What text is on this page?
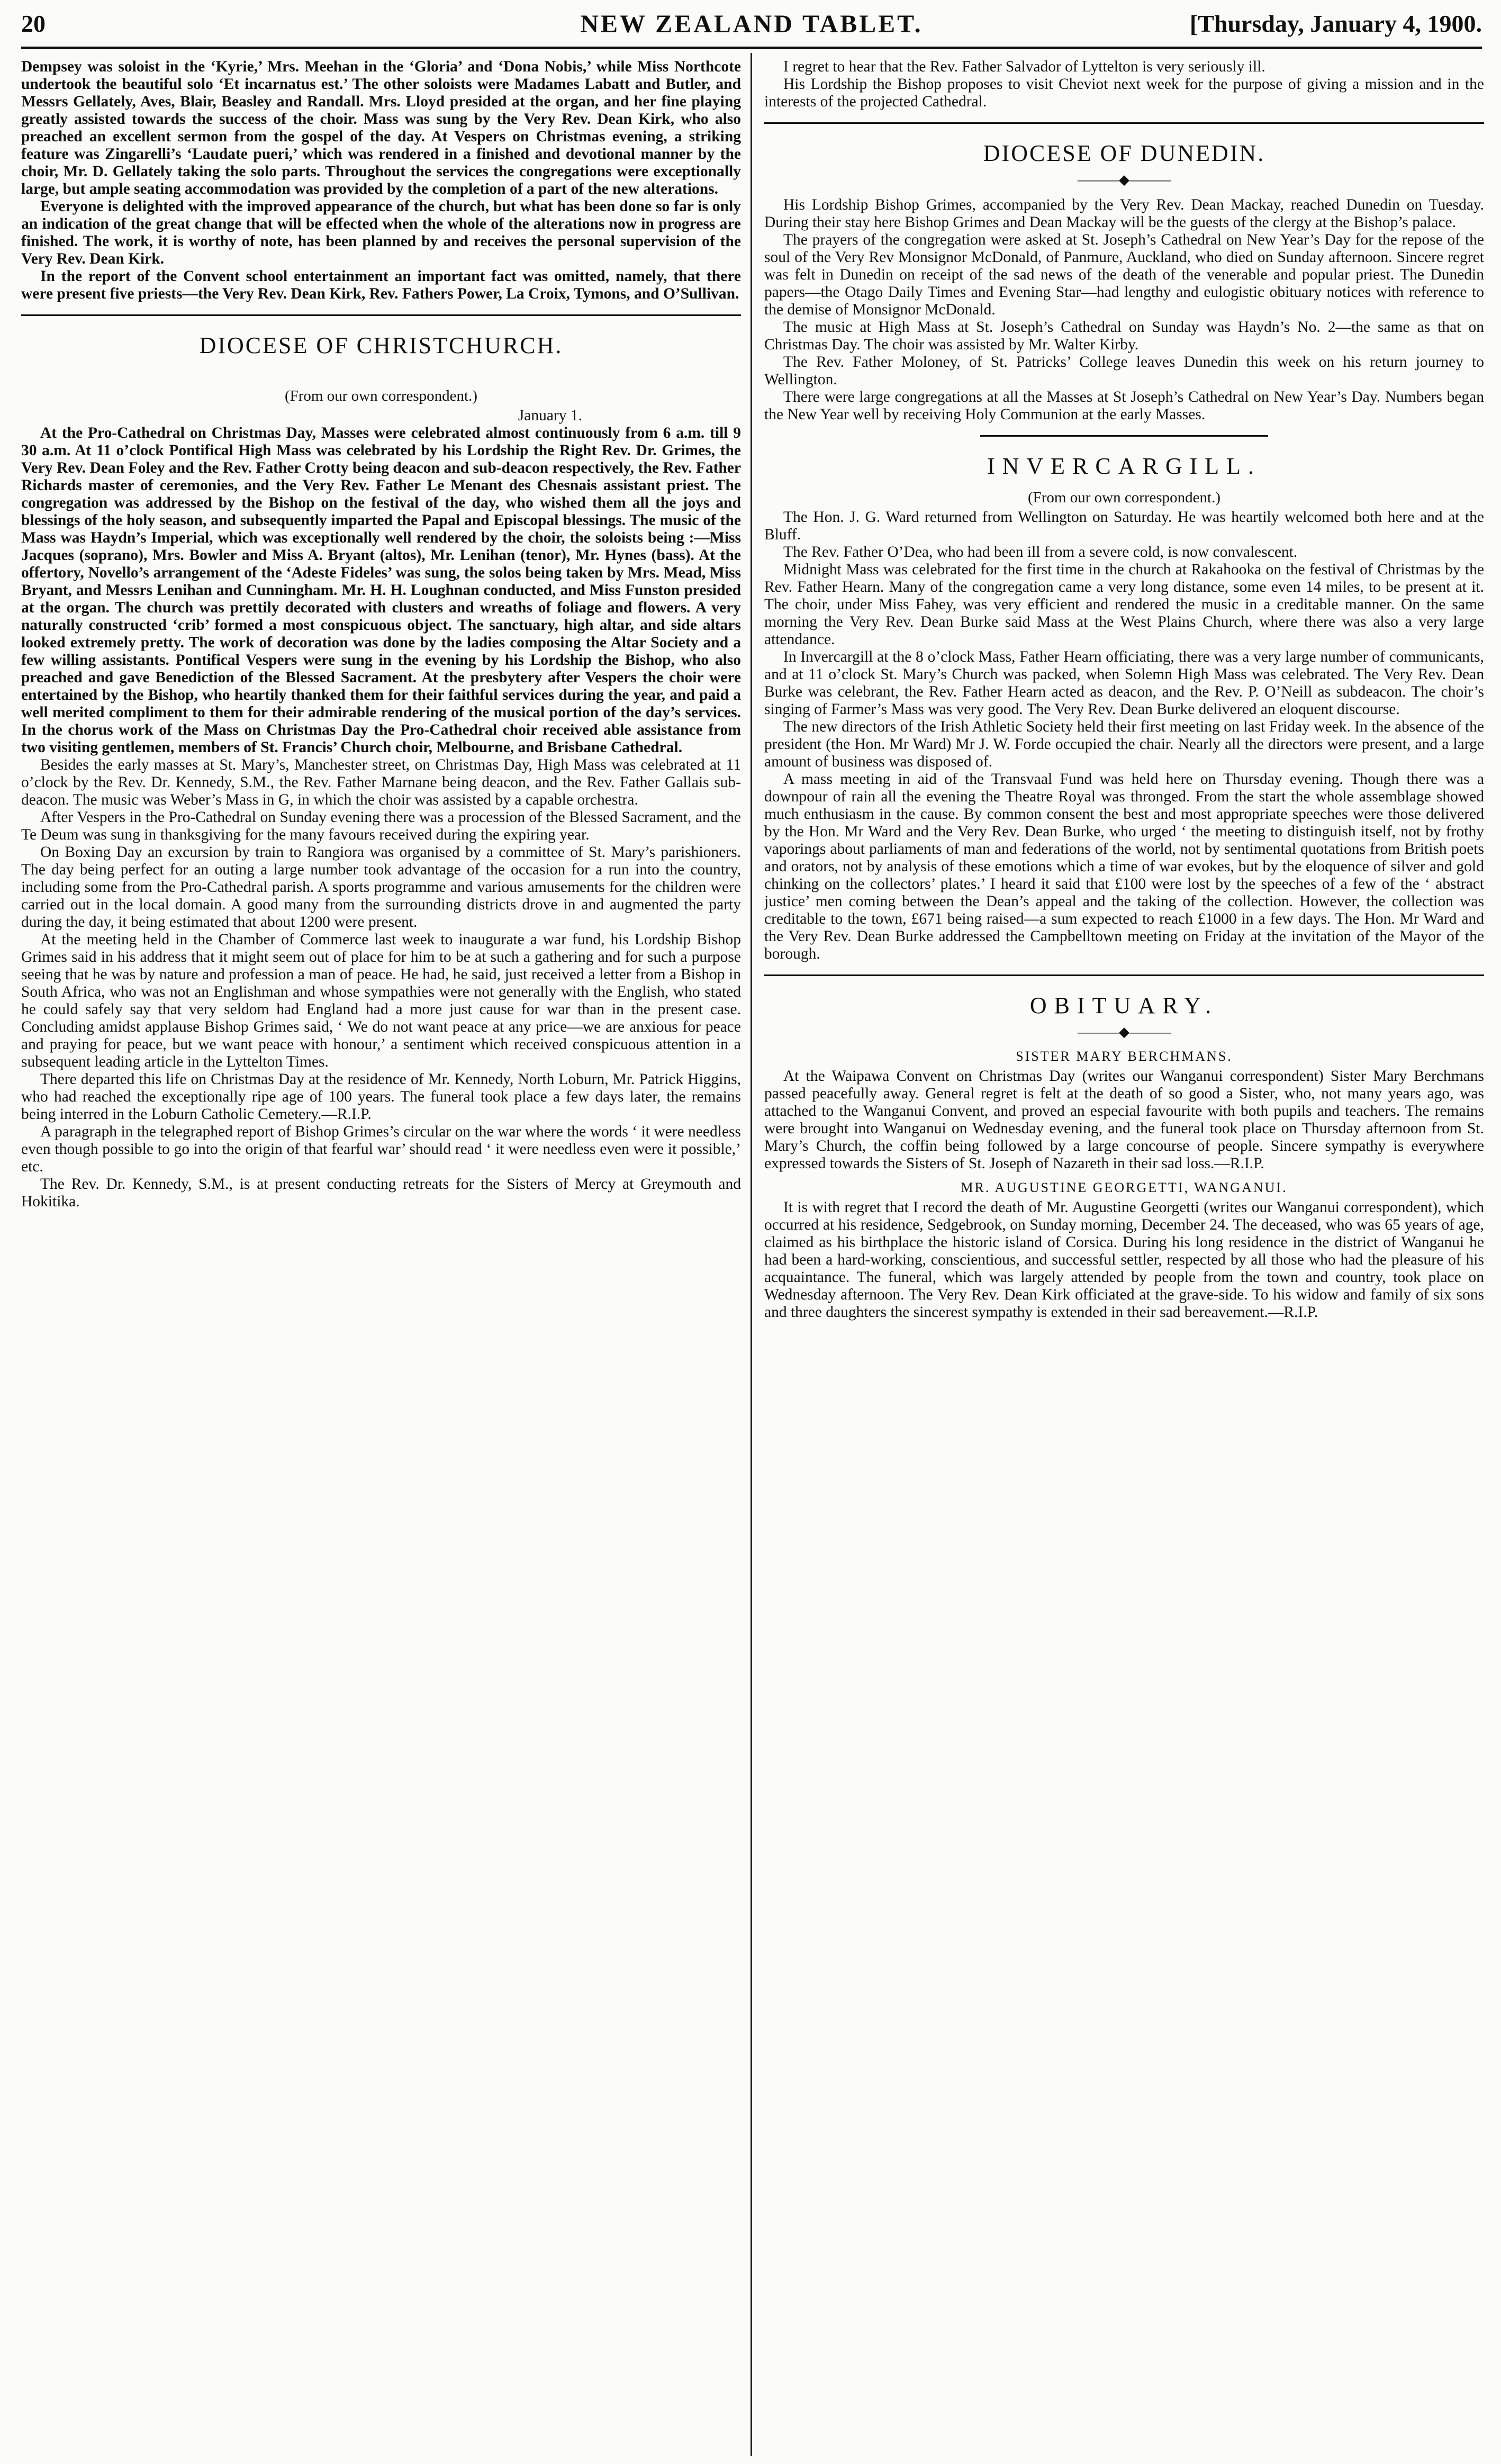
20	NEW ZEALAND TABLET.	[Thursday, January 4, 1900.

Dempsey was soloist in the ‘Kyrie,’ Mrs. Meehan in the ‘Gloria’ and ‘Dona Nobis,’ while Miss Northcote undertook the beautiful solo ‘Et incarnatus est.’ The other soloists were Madames Labatt and Butler, and Messrs Gellately, Aves, Blair, Beasley and Randall. Mrs. Lloyd presided at the organ, and her fine playing greatly assisted towards the success of the choir. Mass was sung by the Very Rev. Dean Kirk, who also preached an excellent sermon from the gospel of the day. At Vespers on Christmas evening, a striking feature was Zingarelli’s ‘Laudate pueri,’ which was rendered in a finished and devotional manner by the choir, Mr. D. Gellately taking the solo parts. Throughout the services the congregations were exceptionally large, but ample seating accommodation was provided by the completion of a part of the new alterations.

Everyone is delighted with the improved appearance of the church, but what has been done so far is only an indication of the great change that will be effected when the whole of the alterations now in progress are finished. The work, it is worthy of note, has been planned by and receives the personal supervision of the Very Rev. Dean Kirk.

In the report of the Convent school entertainment an important fact was omitted, namely, that there were present five priests—the Very Rev. Dean Kirk, Rev. Fathers Power, La Croix, Tymons, and O’Sullivan.

DIOCESE OF CHRISTCHURCH.
(From our own correspondent.)
January 1.

At the Pro-Cathedral on Christmas Day, Masses were celebrated almost continuously from 6 a.m. till 9 30 a.m. At 11 o’clock Pontifical High Mass was celebrated by his Lordship the Right Rev. Dr. Grimes, the Very Rev. Dean Foley and the Rev. Father Crotty being deacon and sub-deacon respectively, the Rev. Father Richards master of ceremonies, and the Very Rev. Father Le Menant des Chesnais assistant priest. The congregation was addressed by the Bishop on the festival of the day, who wished them all the joys and blessings of the holy season, and subsequently imparted the Papal and Episcopal blessings. The music of the Mass was Haydn’s Imperial, which was exceptionally well rendered by the choir, the soloists being :—Miss Jacques (soprano), Mrs. Bowler and Miss A. Bryant (altos), Mr. Lenihan (tenor), Mr. Hynes (bass). At the offertory, Novello’s arrangement of the ‘Adeste Fideles’ was sung, the solos being taken by Mrs. Mead, Miss Bryant, and Messrs Lenihan and Cunningham. Mr. H. H. Loughnan conducted, and Miss Funston presided at the organ. The church was prettily decorated with clusters and wreaths of foliage and flowers. A very naturally constructed ‘crib’ formed a most conspicuous object. The sanctuary, high altar, and side altars looked extremely pretty. The work of decoration was done by the ladies composing the Altar Society and a few willing assistants. Pontifical Vespers were sung in the evening by his Lordship the Bishop, who also preached and gave Benediction of the Blessed Sacrament. At the presbytery after Vespers the choir were entertained by the Bishop, who heartily thanked them for their faithful services during the year, and paid a well merited compliment to them for their admirable rendering of the musical portion of the day’s services. In the chorus work of the Mass on Christmas Day the Pro-Cathedral choir received able assistance from two visiting gentlemen, members of St. Francis’ Church choir, Melbourne, and Brisbane Cathedral.

Besides the early masses at St. Mary’s, Manchester street, on Christmas Day, High Mass was celebrated at 11 o’clock by the Rev. Dr. Kennedy, S.M., the Rev. Father Marnane being deacon, and the Rev. Father Gallais sub-deacon. The music was Weber’s Mass in G, in which the choir was assisted by a capable orchestra.

After Vespers in the Pro-Cathedral on Sunday evening there was a procession of the Blessed Sacrament, and the Te Deum was sung in thanksgiving for the many favours received during the expiring year.

On Boxing Day an excursion by train to Rangiora was organised by a committee of St. Mary’s parishioners. The day being perfect for an outing a large number took advantage of the occasion for a run into the country, including some from the Pro-Cathedral parish. A sports programme and various amusements for the children were carried out in the local domain. A good many from the surrounding districts drove in and augmented the party during the day, it being estimated that about 1200 were present.

At the meeting held in the Chamber of Commerce last week to inaugurate a war fund, his Lordship Bishop Grimes said in his address that it might seem out of place for him to be at such a gathering and for such a purpose seeing that he was by nature and profession a man of peace. He had, he said, just received a letter from a Bishop in South Africa, who was not an Englishman and whose sympathies were not generally with the English, who stated he could safely say that very seldom had England had a more just cause for war than in the present case. Concluding amidst applause Bishop Grimes said, ‘ We do not want peace at any price—we are anxious for peace and praying for peace, but we want peace with honour,’ a sentiment which received conspicuous attention in a subsequent leading article in the Lyttelton Times.

There departed this life on Christmas Day at the residence of Mr. Kennedy, North Loburn, Mr. Patrick Higgins, who had reached the exceptionally ripe age of 100 years. The funeral took place a few days later, the remains being interred in the Loburn Catholic Cemetery.—R.I.P.

A paragraph in the telegraphed report of Bishop Grimes’s circular on the war where the words ‘ it were needless even though possible to go into the origin of that fearful war’ should read ‘ it were needless even were it possible,’ etc.

The Rev. Dr. Kennedy, S.M., is at present conducting retreats for the Sisters of Mercy at Greymouth and Hokitika.

I regret to hear that the Rev. Father Salvador of Lyttelton is very seriously ill.

His Lordship the Bishop proposes to visit Cheviot next week for the purpose of giving a mission and in the interests of the projected Cathedral.

DIOCESE OF DUNEDIN.
———◆———

His Lordship Bishop Grimes, accompanied by the Very Rev. Dean Mackay, reached Dunedin on Tuesday. During their stay here Bishop Grimes and Dean Mackay will be the guests of the clergy at the Bishop’s palace.

The prayers of the congregation were asked at St. Joseph’s Cathedral on New Year’s Day for the repose of the soul of the Very Rev Monsignor McDonald, of Panmure, Auckland, who died on Sunday afternoon. Sincere regret was felt in Dunedin on receipt of the sad news of the death of the venerable and popular priest. The Dunedin papers—the Otago Daily Times and Evening Star—had lengthy and eulogistic obituary notices with reference to the demise of Monsignor McDonald.

The music at High Mass at St. Joseph’s Cathedral on Sunday was Haydn’s No. 2—the same as that on Christmas Day. The choir was assisted by Mr. Walter Kirby.

The Rev. Father Moloney, of St. Patricks’ College leaves Dunedin this week on his return journey to Wellington.

There were large congregations at all the Masses at St Joseph’s Cathedral on New Year’s Day. Numbers began the New Year well by receiving Holy Communion at the early Masses.

INVERCARGILL.
(From our own correspondent.)

The Hon. J. G. Ward returned from Wellington on Saturday. He was heartily welcomed both here and at the Bluff.

The Rev. Father O’Dea, who had been ill from a severe cold, is now convalescent.

Midnight Mass was celebrated for the first time in the church at Rakahooka on the festival of Christmas by the Rev. Father Hearn. Many of the congregation came a very long distance, some even 14 miles, to be present at it. The choir, under Miss Fahey, was very efficient and rendered the music in a creditable manner. On the same morning the Very Rev. Dean Burke said Mass at the West Plains Church, where there was also a very large attendance.

In Invercargill at the 8 o’clock Mass, Father Hearn officiating, there was a very large number of communicants, and at 11 o’clock St. Mary’s Church was packed, when Solemn High Mass was celebrated. The Very Rev. Dean Burke was celebrant, the Rev. Father Hearn acted as deacon, and the Rev. P. O’Neill as subdeacon. The choir’s singing of Farmer’s Mass was very good. The Very Rev. Dean Burke delivered an eloquent discourse.

The new directors of the Irish Athletic Society held their first meeting on last Friday week. In the absence of the president (the Hon. Mr Ward) Mr J. W. Forde occupied the chair. Nearly all the directors were present, and a large amount of business was disposed of.

A mass meeting in aid of the Transvaal Fund was held here on Thursday evening. Though there was a downpour of rain all the evening the Theatre Royal was thronged. From the start the whole assemblage showed much enthusiasm in the cause. By common consent the best and most appropriate speeches were those delivered by the Hon. Mr Ward and the Very Rev. Dean Burke, who urged ‘ the meeting to distinguish itself, not by frothy vaporings about parliaments of man and federations of the world, not by sentimental quotations from British poets and orators, not by analysis of these emotions which a time of war evokes, but by the eloquence of silver and gold chinking on the collectors’ plates.’ I heard it said that £100 were lost by the speeches of a few of the ‘ abstract justice’ men coming between the Dean’s appeal and the taking of the collection. However, the collection was creditable to the town, £671 being raised—a sum expected to reach £1000 in a few days. The Hon. Mr Ward and the Very Rev. Dean Burke addressed the Campbelltown meeting on Friday at the invitation of the Mayor of the borough.

OBITUARY.
———◆———
SISTER MARY BERCHMANS.

At the Waipawa Convent on Christmas Day (writes our Wanganui correspondent) Sister Mary Berchmans passed peacefully away. General regret is felt at the death of so good a Sister, who, not many years ago, was attached to the Wanganui Convent, and proved an especial favourite with both pupils and teachers. The remains were brought into Wanganui on Wednesday evening, and the funeral took place on Thursday afternoon from St. Mary’s Church, the coffin being followed by a large concourse of people. Sincere sympathy is everywhere expressed towards the Sisters of St. Joseph of Nazareth in their sad loss.—R.I.P.

MR. AUGUSTINE GEORGETTI, WANGANUI.

It is with regret that I record the death of Mr. Augustine Georgetti (writes our Wanganui correspondent), which occurred at his residence, Sedgebrook, on Sunday morning, December 24. The deceased, who was 65 years of age, claimed as his birthplace the historic island of Corsica. During his long residence in the district of Wanganui he had been a hard-working, conscientious, and successful settler, respected by all those who had the pleasure of his acquaintance. The funeral, which was largely attended by people from the town and country, took place on Wednesday afternoon. The Very Rev. Dean Kirk officiated at the grave-side. To his widow and family of six sons and three daughters the sincerest sympathy is extended in their sad bereavement.—R.I.P.
